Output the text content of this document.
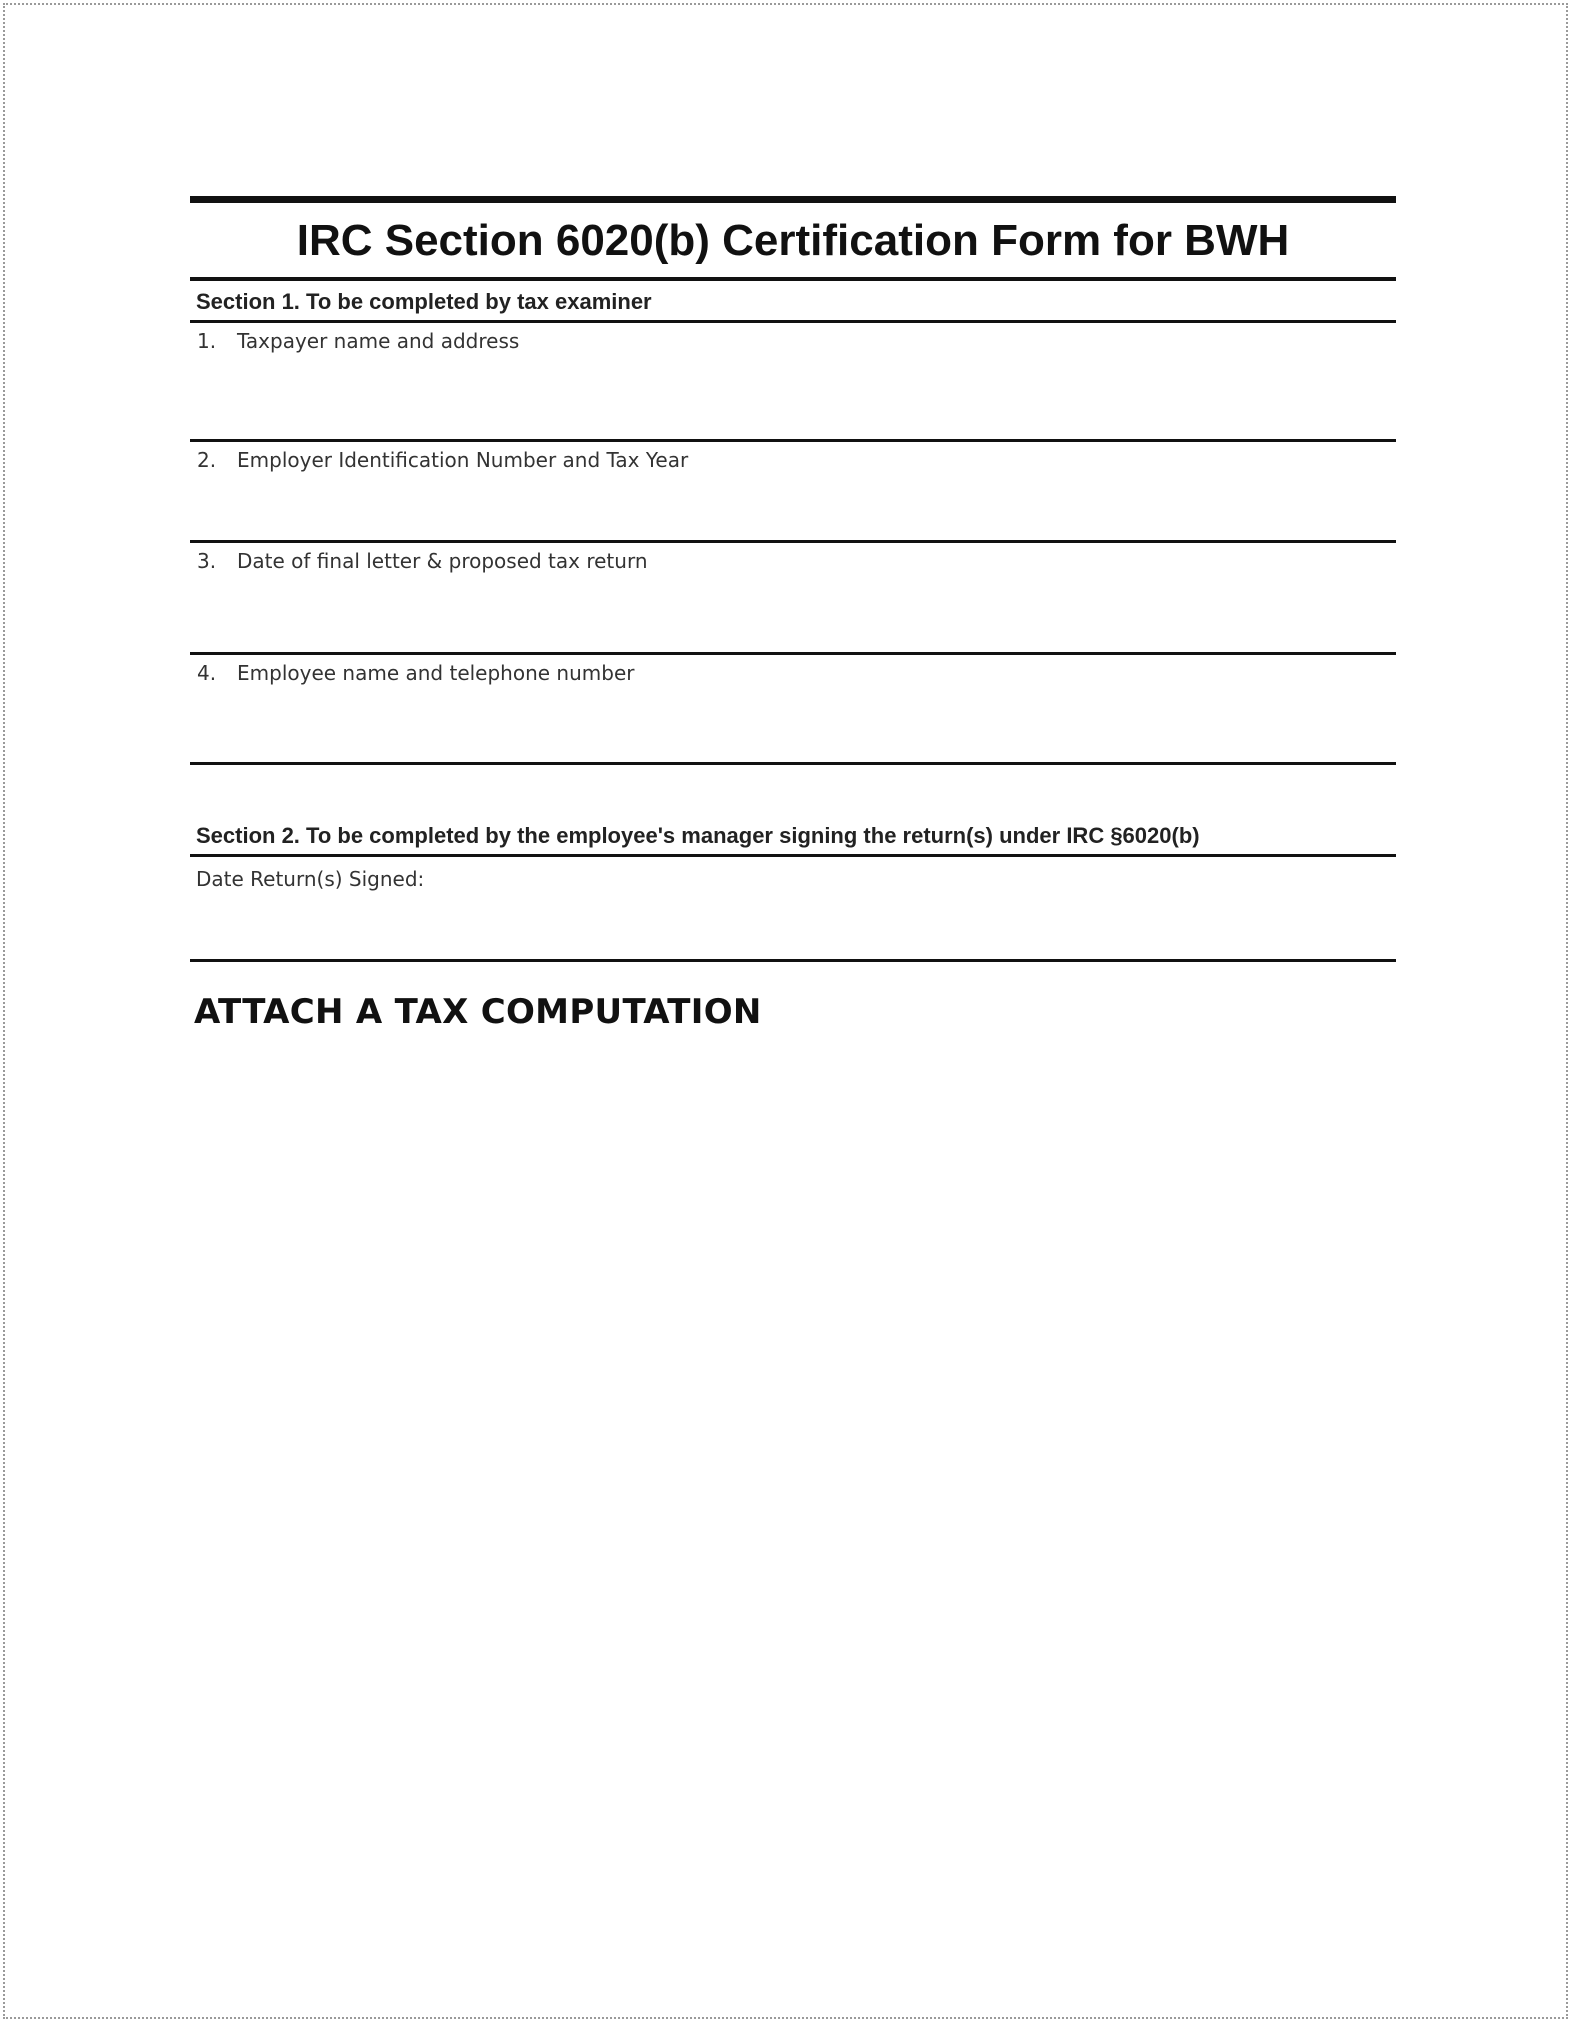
IRC Section 6020(b) Certification Form for BWH
Section 1. To be completed by tax examiner
1. Taxpayer name and address
2. Employer Identification Number and Tax Year
3. Date of final letter & proposed tax return
4. Employee name and telephone number
Section 2. To be completed by the employee's manager signing the return(s) under IRC §6020(b)
Date Return(s) Signed:
ATTACH A TAX COMPUTATION
